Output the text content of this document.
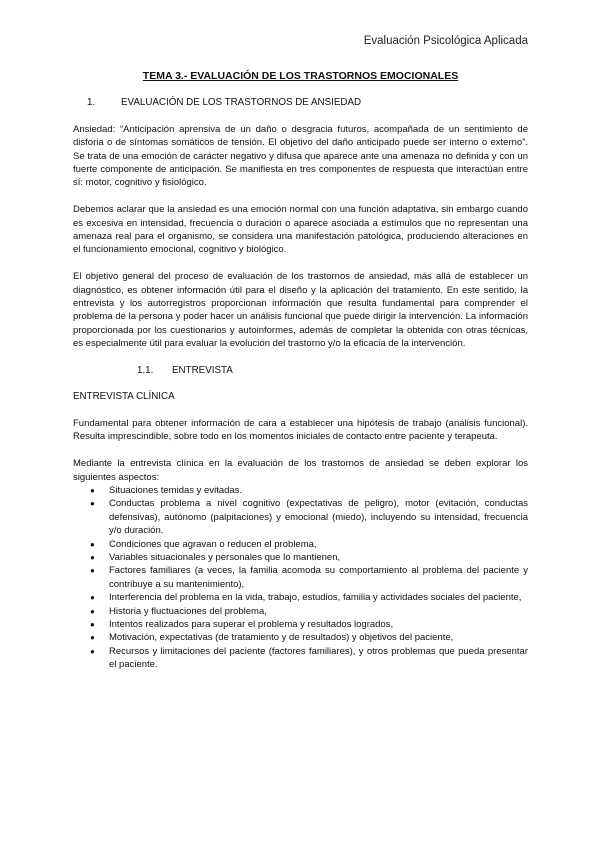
Evaluación Psicológica Aplicada
TEMA 3.- EVALUACIÓN DE LOS TRASTORNOS EMOCIONALES
1.	EVALUACIÓN DE LOS TRASTORNOS DE ANSIEDAD

Ansiedad: “Anticipación aprensiva de un daño o desgracia futuros, acompañada de un sentimiento de disforia o de síntomas somáticos de tensión. El objetivo del daño anticipado puede ser interno o externo”. Se trata de una emoción de carácter negativo y difusa que aparece ante una amenaza no definida y con un fuerte componente de anticipación. Se manifiesta en tres componentes de respuesta que interactúan entre sí: motor, cognitivo y fisiológico.

Debemos aclarar que la ansiedad es una emoción normal con una función adaptativa, sin embargo cuando es excesiva en intensidad, frecuencia o duración o aparece asociada a estímulos que no representan una amenaza real para el organismo, se considera una manifestación patológica, produciendo alteraciones en el funcionamiento emocional, cognitivo y biológico.

El objetivo general del proceso de evaluación de los trastornos de ansiedad, más allá de establecer un diagnóstico, es obtener información útil para el diseño y la aplicación del tratamiento. En este sentido, la entrevista y los autorregistros proporcionan información que resulta fundamental para comprender el problema de la persona y poder hacer un análisis funcional que puede dirigir la intervención. La información proporcionada por los cuestionarios y autoinformes, además de completar la obtenida con otras técnicas, es especialmente útil para evaluar la evolución del trastorno y/o la eficacia de la intervención.

1.1. ENTREVISTA
ENTREVISTA CLÍNICA

Fundamental para obtener información de cara a establecer una hipótesis de trabajo (análisis funcional). Resulta imprescindible, sobre todo en los momentos iniciales de contacto entre paciente y terapeuta.

Mediante la entrevista clínica en la evaluación de los trastornos de ansiedad se deben explorar los siguientes aspectos:

● Situaciones temidas y evitadas.
● Conductas problema a nivel cognitivo (expectativas de peligro), motor (evitación, conductas defensivas), autónomo (palpitaciones) y emocional (miedo), incluyendo su intensidad, frecuencia y/o duración.
● Condiciones que agravan o reducen el problema,
● Variables situacionales y personales que lo mantienen,
● Factores familiares (a veces, la familia acomoda su comportamiento al problema del paciente y contribuye a su mantenimiento),
● Interferencia del problema en la vida, trabajo, estudios, familia y actividades sociales del paciente,
● Historia y fluctuaciones del problema,
● Intentos realizados para superar el problema y resultados logrados,
● Motivación, expectativas (de tratamiento y de resultados) y objetivos del paciente,
● Recursos y limitaciones del paciente (factores familiares), y otros problemas que pueda presentar el paciente.
